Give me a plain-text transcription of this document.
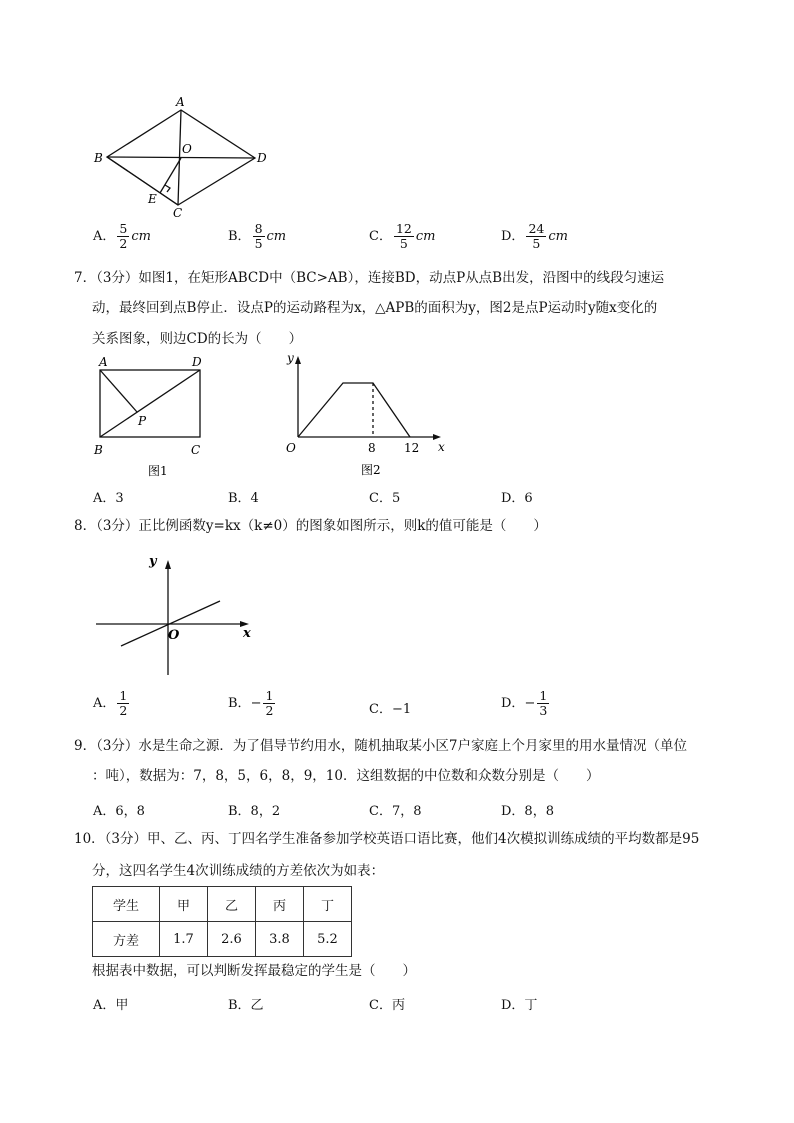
A
B
O
D
E
C
A． $\frac{5}{2}$ cm	B． $\frac{8}{5}$ cm	C． $\frac{12}{5}$ cm	D． $\frac{24}{5}$ cm
7．（3分）如图1，在矩形ABCD中（BC>AB），连接BD，动点P从点B出发，沿图中的线段匀速运
动，最终回到点B停止．设点P的运动路程为x，△APB的面积为y，图2是点P运动时y随x变化的
关系图象，则边CD的长为（　　）
A	D
P
B	C
图1
y
O	8 12 x
图2
A．3	B．4	C．5	D．6
8．（3分）正比例函数y=kx（k≠0）的图象如图所示，则k的值可能是（　　）
y
O	x
A． $\frac{1}{2}$	B．− $\frac{1}{2}$	C．−1	D．− $\frac{1}{3}$
9．（3分）水是生命之源．为了倡导节约用水，随机抽取某小区7户家庭上个月家里的用水量情况（单位
：吨），数据为：7，8，5，6，8，9，10．这组数据的中位数和众数分别是（　　）
A．6，8	B．8，2	C．7，8	D．8，8
10．（3分）甲、乙、丙、丁四名学生准备参加学校英语口语比赛，他们4次模拟训练成绩的平均数都是95
分，这四名学生4次训练成绩的方差依次为如表：
学生	甲	乙	丙	丁
方差	1.7	2.6	3.8	5.2
根据表中数据，可以判断发挥最稳定的学生是（　　）
A．甲	B．乙	C．丙	D．丁
